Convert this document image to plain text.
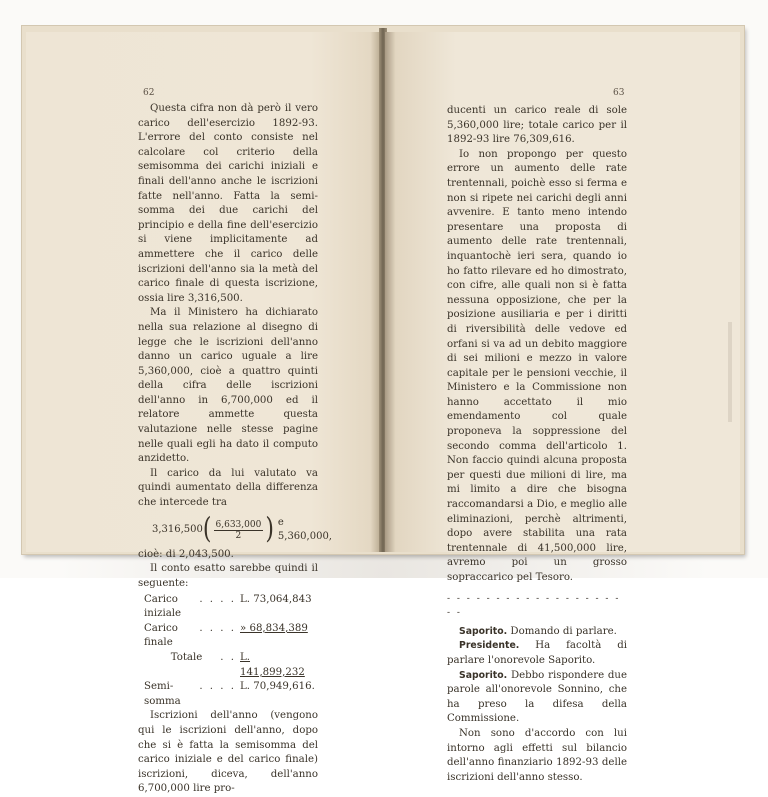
62

Questa cifra non dà però il vero carico dell'esercizio 1892-93. L'errore del conto consiste nel calcolare col criterio della semisomma dei carichi iniziali e finali dell'anno anche le iscrizioni fatte nell'anno. Fatta la semi-somma dei due carichi del principio e della fine dell'esercizio si viene implicitamente ad ammettere che il carico delle iscrizioni dell'anno sia la metà del carico finale di questa iscrizione, ossia lire 3,316,500.

Ma il Ministero ha dichiarato nella sua relazione al disegno di legge che le iscrizioni dell'anno danno un carico uguale a lire 5,360,000, cioè a quattro quinti della cifra delle iscrizioni dell'anno in 6,700,000 ed il relatore ammette questa valutazione nelle stesse pagine nelle quali egli ha dato il computo anzidetto.

Il carico da lui valutato va quindi aumentato della differenza che intercede tra

3,316,500 ( $\frac{6,633,000}{2}$ ) e 5,360,000,

cioè: di 2,043,500.

Il conto esatto sarebbe quindi il seguente:

Carico iniziale
. . . . L. 73,064,843
Carico finale
. . . . » 68,834,389
Totale	. . L. 141,899,232
Semi-somma
. . . . L. 70,949,616.

Iscrizioni dell'anno (vengono qui le iscrizioni dell'anno, dopo che si è fatta la semisomma del carico iniziale e del carico finale) iscrizioni, diceva, dell'anno 6,700,000 lire pro-

63

ducenti un carico reale di sole 5,360,000 lire; totale carico per il 1892-93 lire 76,309,616.

Io non propongo per questo errore un aumento delle rate trentennali, poichè esso si ferma e non si ripete nei carichi degli anni avvenire. E tanto meno intendo presentare una proposta di aumento delle rate trentennali, inquantochè ieri sera, quando io ho fatto rilevare ed ho dimostrato, con cifre, alle quali non si è fatta nessuna opposizione, che per la posizione ausiliaria e per i diritti di riversibilità delle vedove ed orfani si va ad un debito maggiore di sei milioni e mezzo in valore capitale per le pensioni vecchie, il Ministero e la Commissione non hanno accettato il mio emendamento col quale proponeva la soppressione del secondo comma dell'articolo 1. Non faccio quindi alcuna proposta per questi due milioni di lire, ma mi limito a dire che bisogna raccomandarsi a Dio, e meglio alle eliminazioni, perchè altrimenti, dopo avere stabilita una rata trentennale di 41,500,000 lire, avremo poi un grosso sopraccarico pel Tesoro.

- - - - - - - - - - - - - - - - - - - -

Saporito. Domando di parlare.

Presidente. Ha facoltà di parlare l'onorevole Saporito.

Saporito. Debbo rispondere due parole all'onorevole Sonnino, che ha preso la difesa della Commissione.

Non sono d'accordo con lui intorno agli effetti sul bilancio dell'anno finanziario 1892-93 delle iscrizioni dell'anno stesso.
